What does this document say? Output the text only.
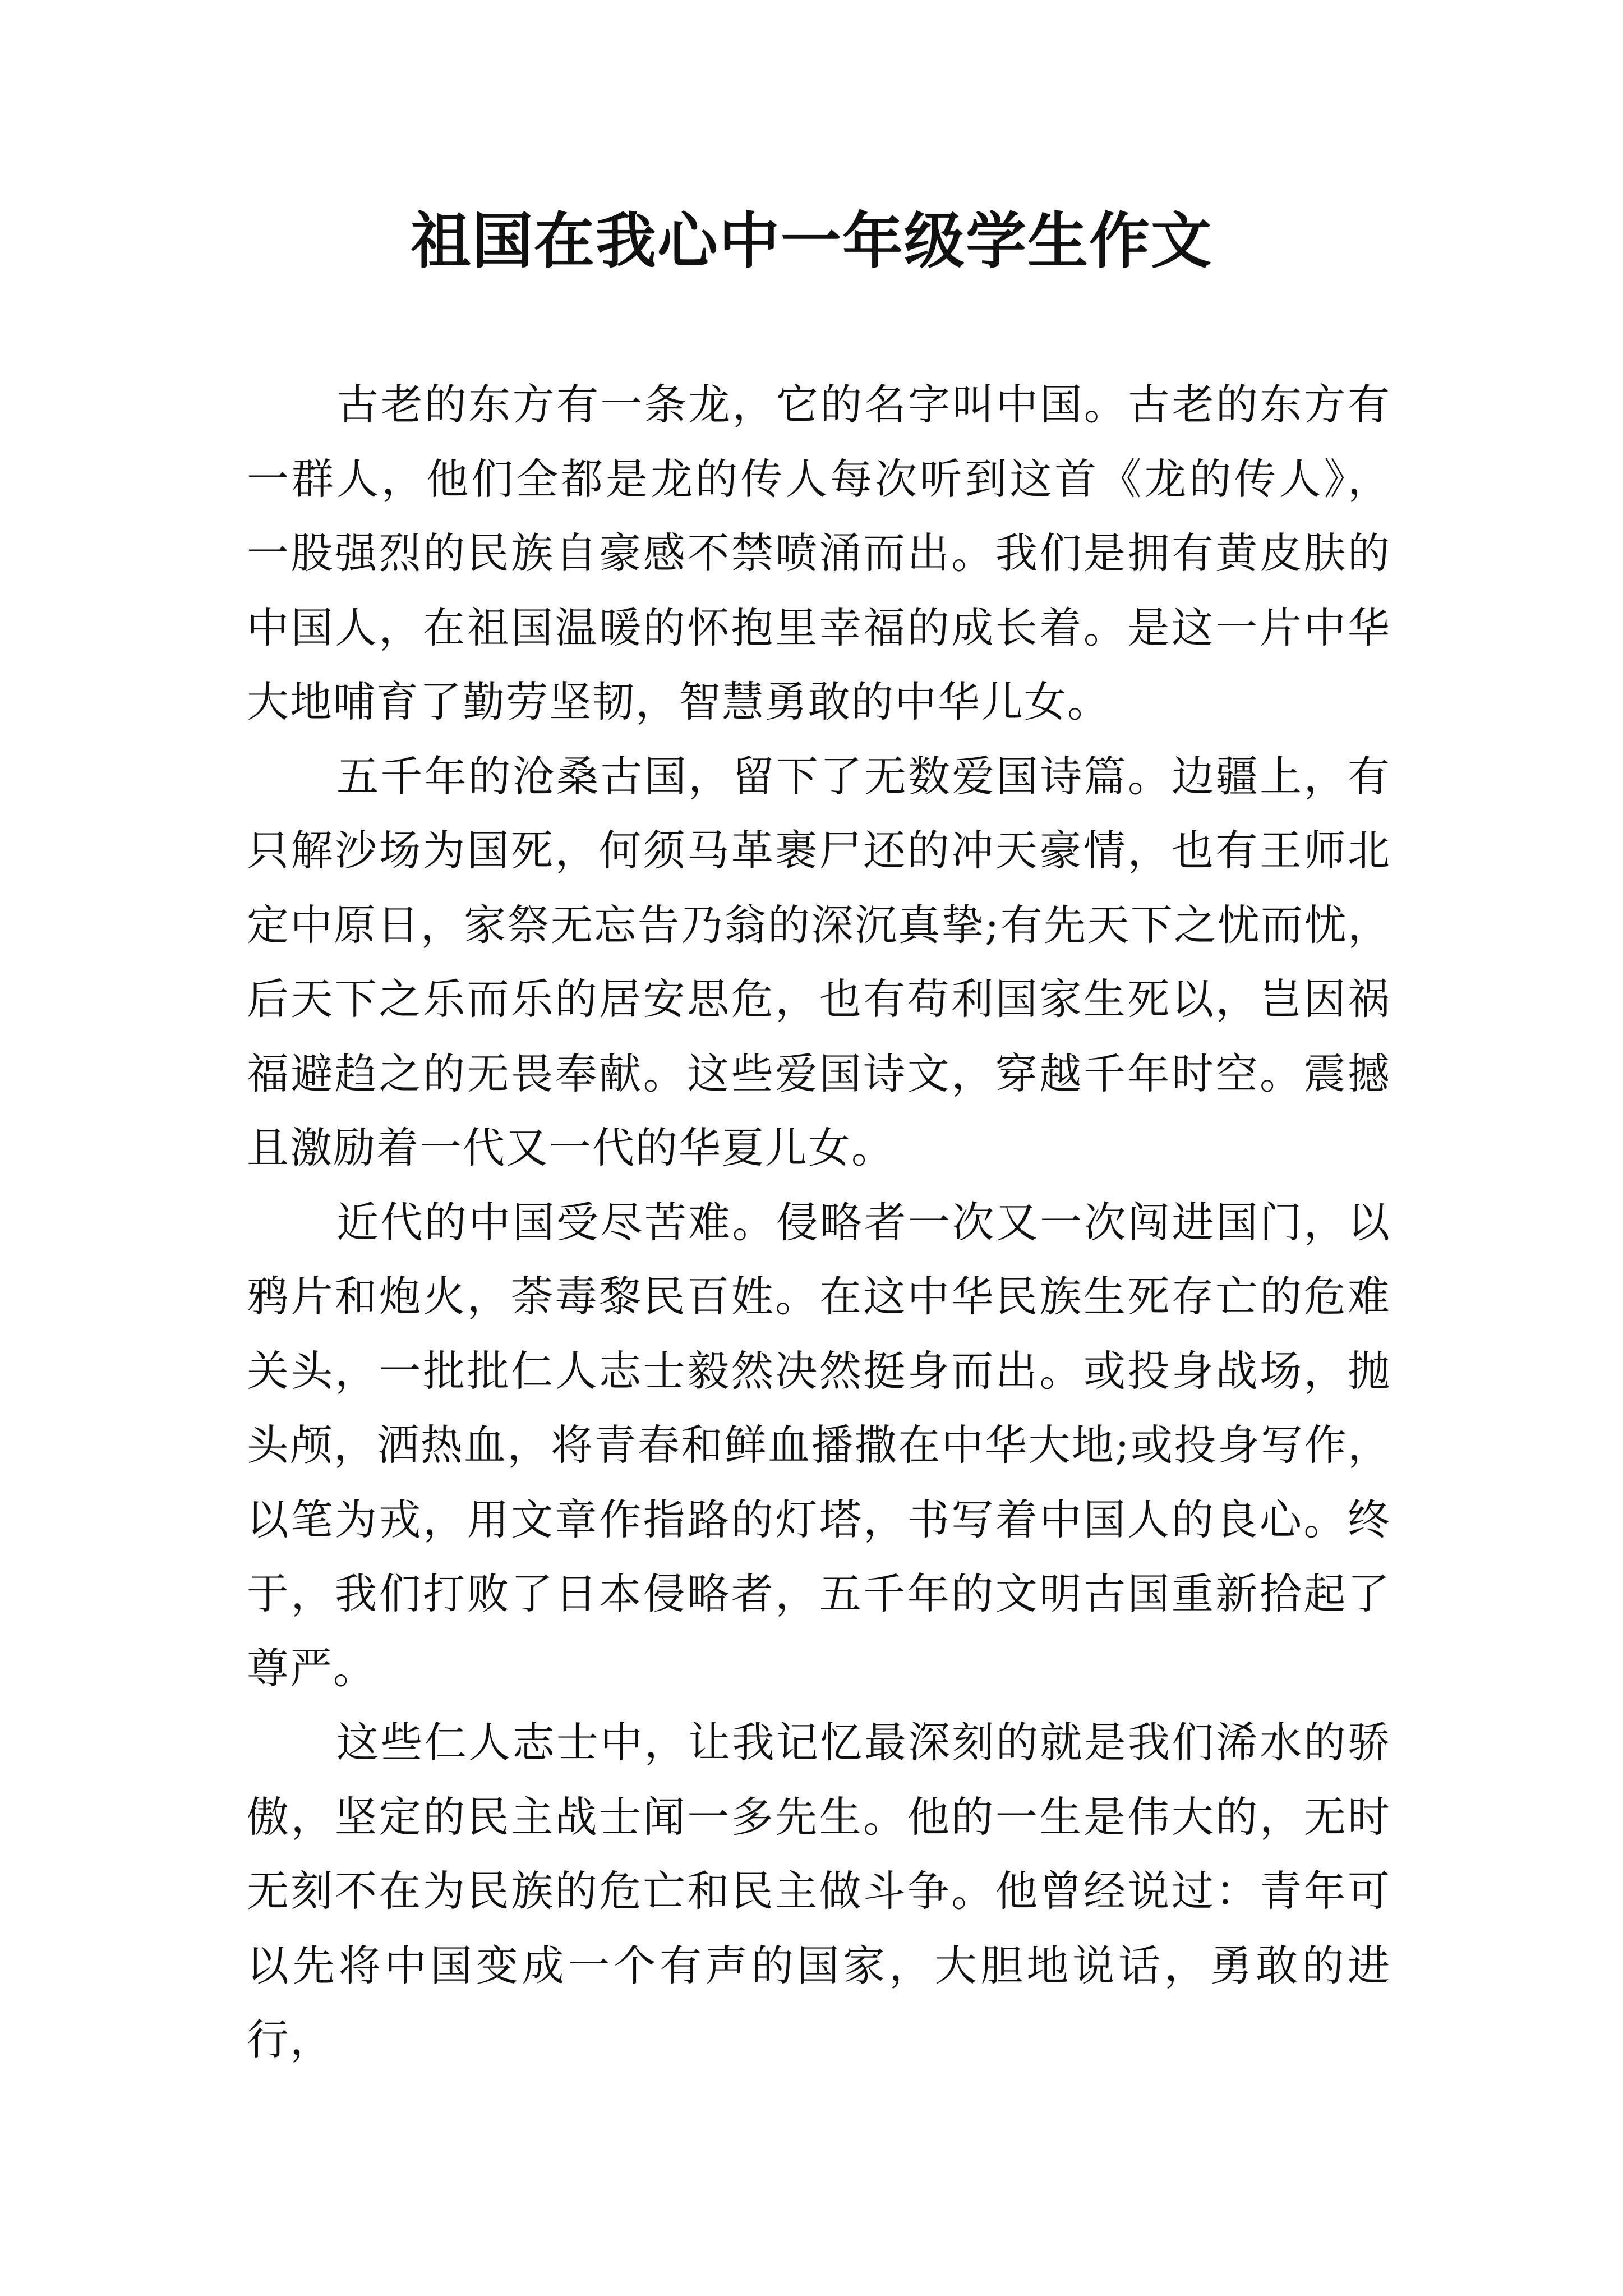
祖国在我心中一年级学生作文

古老的东方有一条龙，它的名字叫中国。古老的东方有一群人，他们全都是龙的传人每次听到这首《龙的传人》，一股强烈的民族自豪感不禁喷涌而出。我们是拥有黄皮肤的中国人，在祖国温暖的怀抱里幸福的成长着。是这一片中华大地哺育了勤劳坚韧，智慧勇敢的中华儿女。

五千年的沧桑古国，留下了无数爱国诗篇。边疆上，有只解沙场为国死，何须马革裹尸还的冲天豪情，也有王师北定中原日，家祭无忘告乃翁的深沉真挚;有先天下之忧而忧，后天下之乐而乐的居安思危，也有苟利国家生死以，岂因祸福避趋之的无畏奉献。这些爱国诗文，穿越千年时空。震撼且激励着一代又一代的华夏儿女。

近代的中国受尽苦难。侵略者一次又一次闯进国门，以鸦片和炮火，荼毒黎民百姓。在这中华民族生死存亡的危难关头，一批批仁人志士毅然决然挺身而出。或投身战场，抛头颅，洒热血，将青春和鲜血播撒在中华大地;或投身写作，以笔为戎，用文章作指路的灯塔，书写着中国人的良心。终于，我们打败了日本侵略者，五千年的文明古国重新拾起了尊严。

这些仁人志士中，让我记忆最深刻的就是我们浠水的骄傲，坚定的民主战士闻一多先生。他的一生是伟大的，无时无刻不在为民族的危亡和民主做斗争。他曾经说过：青年可以先将中国变成一个有声的国家，大胆地说话，勇敢的进行，
